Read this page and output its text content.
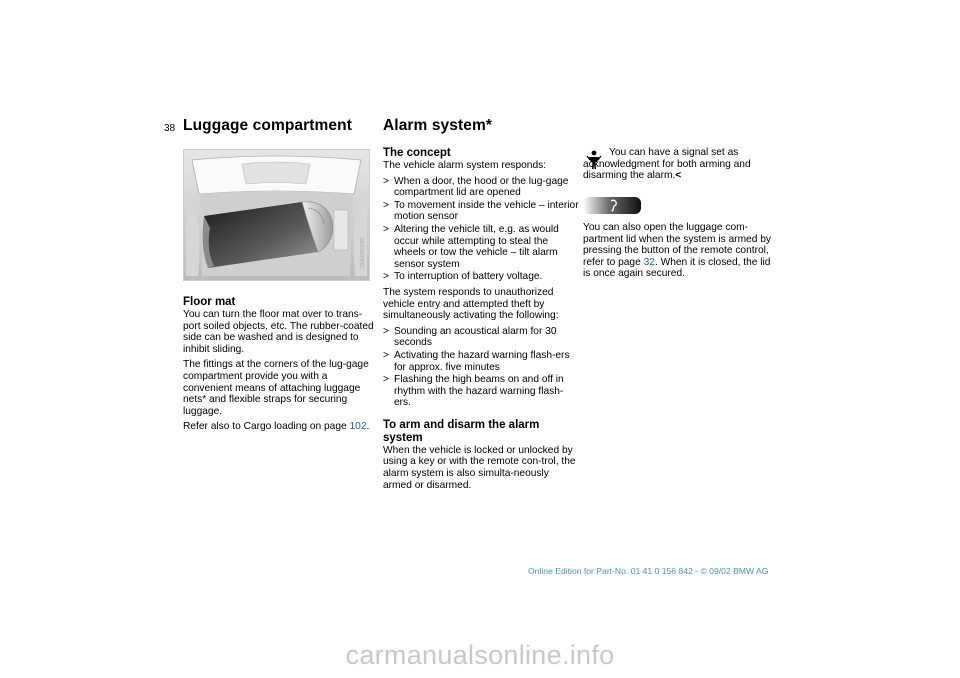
38 Luggage compartment
390MD5/1/99
Floor mat

You can turn the floor mat over to trans-port soiled objects, etc. The rubber-coated side can be washed and is designed to inhibit sliding.

The fittings at the corners of the lug-gage compartment provide you with a convenient means of attaching luggage nets* and flexible straps for securing luggage.

Refer also to Cargo loading on page 102.

Alarm system*
The concept

The vehicle alarm system responds:

> When a door, the hood or the lug-gage compartment lid are opened
> To movement inside the vehicle – interior motion sensor
> Altering the vehicle tilt, e.g. as would occur while attempting to steal the wheels or tow the vehicle – tilt alarm sensor system
> To interruption of battery voltage.

The system responds to unauthorized vehicle entry and attempted theft by simultaneously activating the following:

> Sounding an acoustical alarm for 30 seconds
> Activating the hazard warning flash-ers for approx. five minutes
> Flashing the high beams on and off in rhythm with the hazard warning flash-ers.
To arm and disarm the alarm system

When the vehicle is locked or unlocked by using a key or with the remote con-trol, the alarm system is also simulta-neously armed or disarmed.

You can have a signal set as acknowledgment for both arming and disarming the alarm.<

You can also open the luggage com-partment lid when the system is armed by pressing the button of the remote control, refer to page 32. When it is closed, the lid is once again secured.

Online Edition for Part-No. 01 41 0 156 842 - © 09/02 BMW AG
carmanualsonline.info
